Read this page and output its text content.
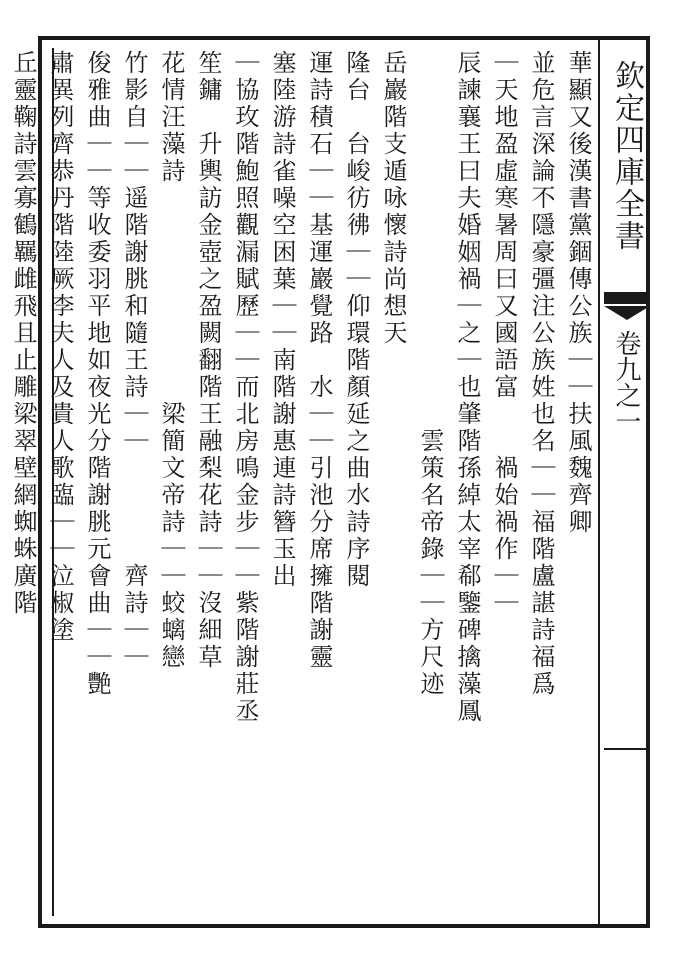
欽定四庫全書
卷九之一
華顯又後漢書黨錮傳公族｜｜扶風魏齊卿
並危言深論不隱豪彊注公族姓也名｜｜福階盧諶詩福爲
｜天地盈虛寒暑周曰又國語富　　禍始禍作｜｜
辰諫襄王曰夫婚姻禍｜之｜也肇階孫綽太宰郗鑒碑擒藻鳳
　　　　　　　　　　　　　　雲策名帝錄｜｜方尺迹
岳巖階支遁咏懷詩尚想天
隆台　台峻彷彿｜｜仰環階顏延之曲水詩序閱
運詩積石｜｜基運巖覺路　水｜｜引池分席擁階謝靈
塞陸游詩雀噪空困葉｜｜南階謝惠連詩簪玉出
｜協玫階鮑照觀漏賦歷｜｜而北房鳴金步｜｜紫階謝莊丞
笙鏞　升輿訪金壺之盈闕翻階王融梨花詩｜｜沒細草
花情汪藻詩　　　　　　　　梁簡文帝詩｜｜蛟螭戀
竹影自｜｜遥階謝朓和隨王詩｜｜　　　　齊詩｜｜
俊雅曲｜｜等收委羽平地如夜光分階謝朓元會曲｜｜艷
肅異列齊恭丹階陸厥李夫人及貴人歌臨｜｜泣椒塗
丘靈鞠詩雲寡鶴羈雌飛且止雕梁翠壁網蜘蛛廣階
